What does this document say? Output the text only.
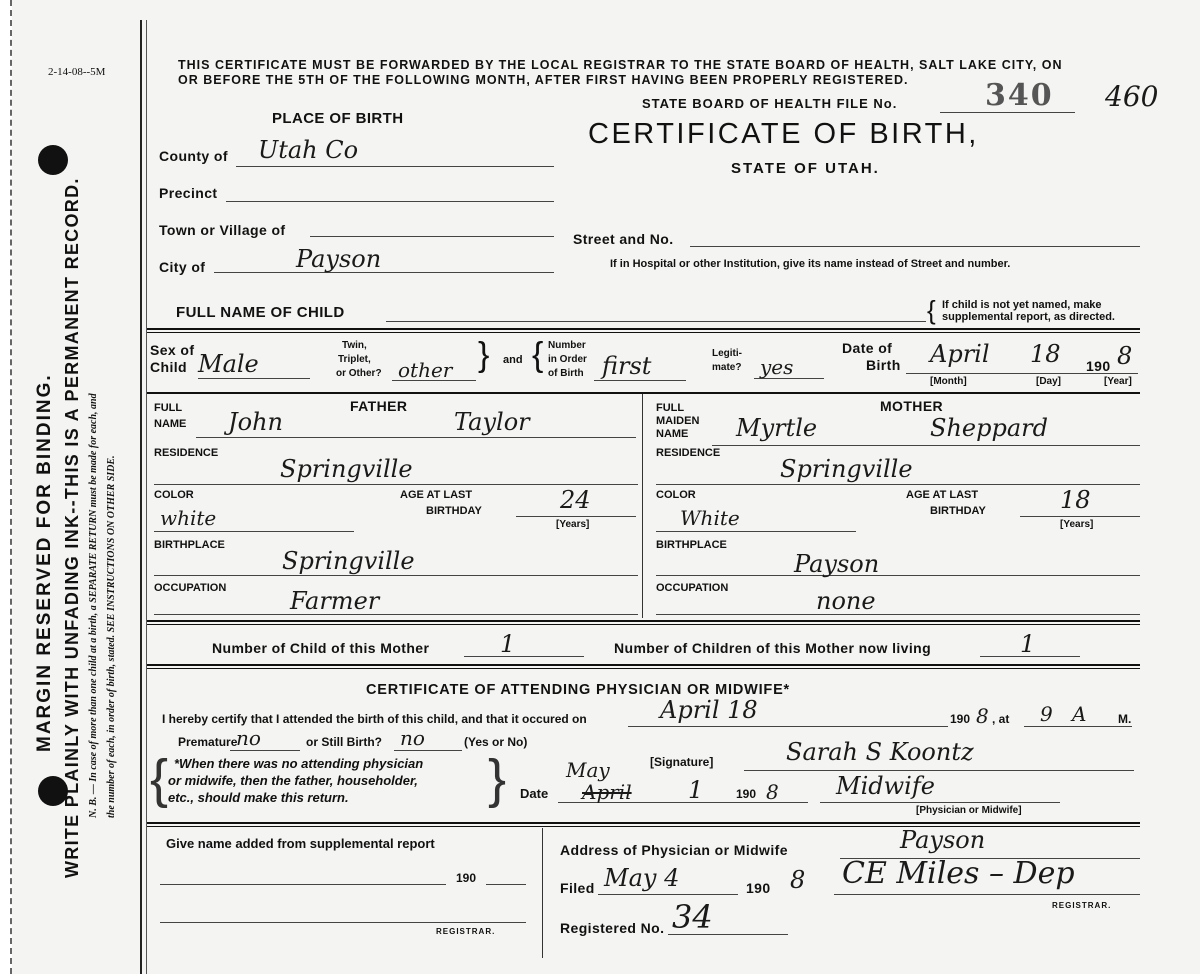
2-14-08--5M
MARGIN RESERVED FOR BINDING. WRITE PLAINLY WITH UNFADING INK--THIS IS A PERMANENT RECORD. N. B. — In case of more than one child at a birth, a SEPARATE RETURN must be made for each, and the number of each, in order of birth, stated. SEE INSTRUCTIONS ON OTHER SIDE.
THIS CERTIFICATE MUST BE FORWARDED BY THE LOCAL REGISTRAR TO THE STATE BOARD OF HEALTH, SALT LAKE CITY, ON
OR BEFORE THE 5TH OF THE FOLLOWING MONTH, AFTER FIRST HAVING BEEN PROPERLY REGISTERED.
STATE BOARD OF HEALTH FILE No.	340 460
CERTIFICATE OF BIRTH,
STATE OF UTAH.
PLACE OF BIRTH
County of Utah Co
Precinct
Town or Village of
City of	Payson
Street and No.
If in Hospital or other Institution, give its name instead of Street and number.
FULL NAME OF CHILD	{ If child is not yet named, make
supplemental report, as directed.
Sex of
Child Male
Twin,
Triplet,
or Other? other } and { Number
in Order
of Birth first	Legiti-
mate? yes
Date of
Birth April 18 190 8
[Month]	[Day]	[Year]
FATHER
FULL
NAME John	Taylor
RESIDENCE
Springville
COLOR
white
AGE AT LAST
BIRTHDAY	24
[Years]
BIRTHPLACE
Springville
OCCUPATION	Farmer
MOTHER
FULL
MAIDEN
NAME Myrtle	Sheppard
RESIDENCE
Springville
COLOR
White
AGE AT LAST
BIRTHDAY	18
[Years]
BIRTHPLACE
Payson
OCCUPATION	none
Number of Child of this Mother	1	Number of Children of this Mother now living	1
CERTIFICATE OF ATTENDING PHYSICIAN OR MIDWIFE*
I hereby certify that I attended the birth of this child, and that it occured on	April 18	190 8 , at 9 A	M.
Premature
no	or Still Birth? no	(Yes or No)
{ *When there was no attending physician
or midwife, then the father, householder,
etc., should make this return.	}	[Signature]	Sarah S Koontz
Date
May
April 1	190 8 Midwife
[Physician or Midwife]
Give name added from supplemental report
190
REGISTRAR.
Address of Physician or Midwife	Payson
Filed May 4	190 8 CE Miles – Dep
REGISTRAR.
Registered No. 34
